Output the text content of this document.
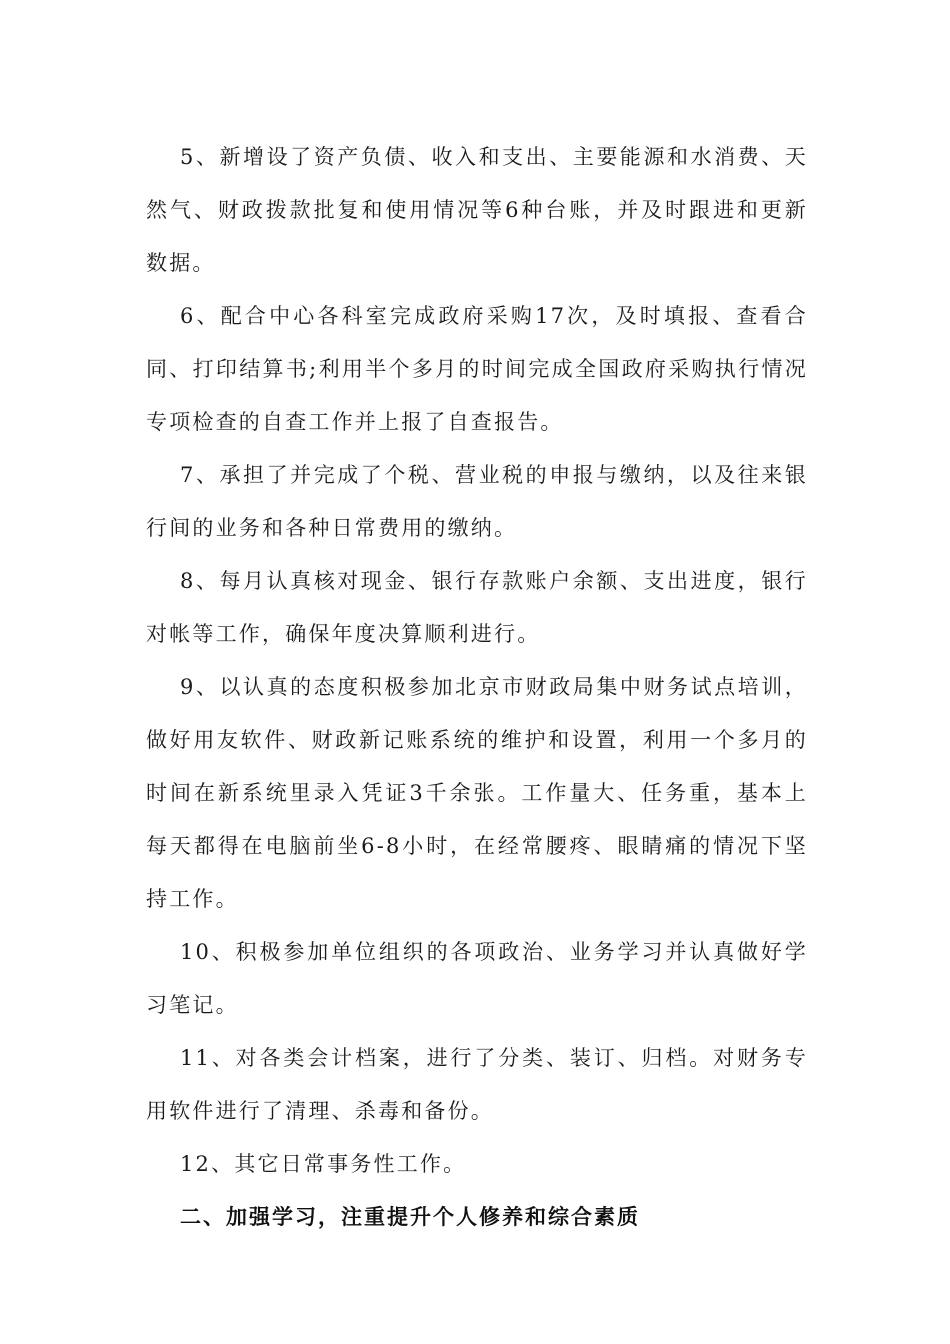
5、新增设了资产负债、收入和支出、主要能源和水消费、天然气、财政拨款批复和使用情况等6种台账，并及时跟进和更新数据。

6、配合中心各科室完成政府采购17次，及时填报、查看合同、打印结算书;利用半个多月的时间完成全国政府采购执行情况专项检查的自查工作并上报了自查报告。

7、承担了并完成了个税、营业税的申报与缴纳，以及往来银行间的业务和各种日常费用的缴纳。

8、每月认真核对现金、银行存款账户余额、支出进度，银行对帐等工作，确保年度决算顺利进行。

9、以认真的态度积极参加北京市财政局集中财务试点培训，做好用友软件、财政新记账系统的维护和设置，利用一个多月的时间在新系统里录入凭证3千余张。工作量大、任务重，基本上每天都得在电脑前坐6-8小时，在经常腰疼、眼睛痛的情况下坚持工作。

10、积极参加单位组织的各项政治、业务学习并认真做好学习笔记。

11、对各类会计档案，进行了分类、装订、归档。对财务专用软件进行了清理、杀毒和备份。

12、其它日常事务性工作。

二、加强学习，注重提升个人修养和综合素质
